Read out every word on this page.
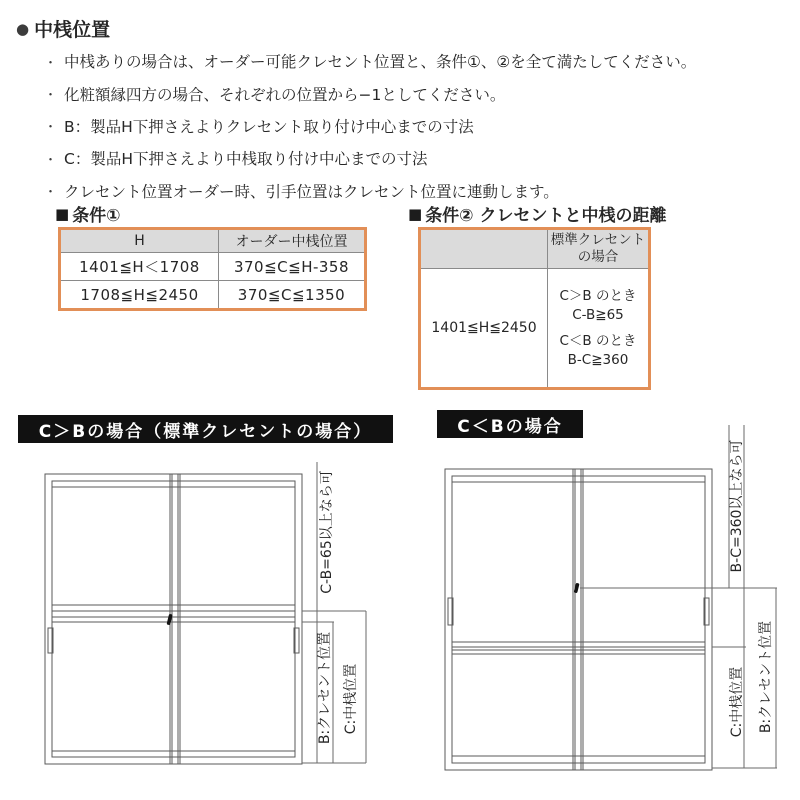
● 中桟位置
・ 中桟ありの場合は、オーダー可能クレセント位置と、条件①、②を全て満たしてください。
・ 化粧額縁四方の場合、それぞれの位置から−1としてください。
・ B：製品H下押さえよりクレセント取り付け中心までの寸法
・ C：製品H下押さえより中桟取り付け中心までの寸法
・ クレセント位置オーダー時、引手位置はクレセント位置に連動します。
■ 条件①
H	オーダー中桟位置
1401≦H＜1708	370≦C≦H-358
1708≦H≦2450	370≦C≦1350
■ 条件② クレセントと中桟の距離

	標準クレセント
の場合

1401≦H≦2450	C＞B のとき
C-B≧65
C＜B のとき
B-C≧360
C＞Bの場合（標準クレセントの場合）	C＜Bの場合
C-B=65以上なら可
B:クレセント位置 C:中桟位置
B-C=360以上なら可
C:中桟位置 B:クレセント位置
